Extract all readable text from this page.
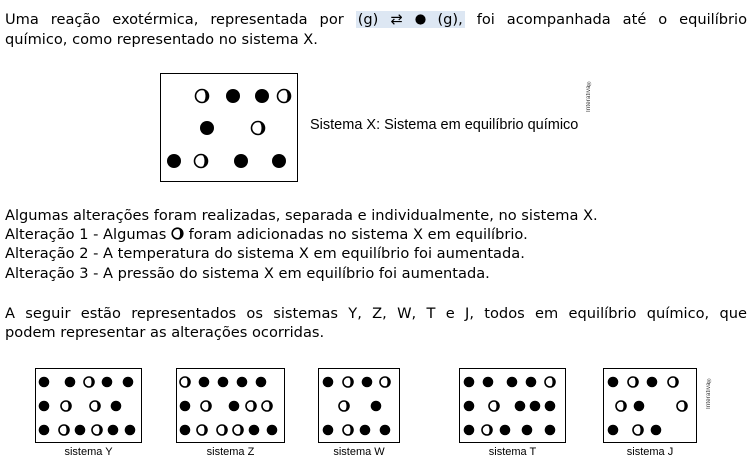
Uma reação exotérmica, representada por (g) ⇄ (g), foi acompanhada até o equilíbrio
químico, como representado no sistema X.
Sistema X: Sistema em equilíbrio químico
Interativa®
Algumas alterações foram realizadas, separada e individualmente, no sistema X.
Alteração 1 - Algumas foram adicionadas no sistema X em equilíbrio.
Alteração 2 - A temperatura do sistema X em equilíbrio foi aumentada.
Alteração 3 - A pressão do sistema X em equilíbrio foi aumentada.
A seguir estão representados os sistemas Y, Z, W, T e J, todos em equilíbrio químico, que
podem representar as alterações ocorridas.
sistema Y	sistema Z	sistema W	sistema T	sistema J
Interativa®
